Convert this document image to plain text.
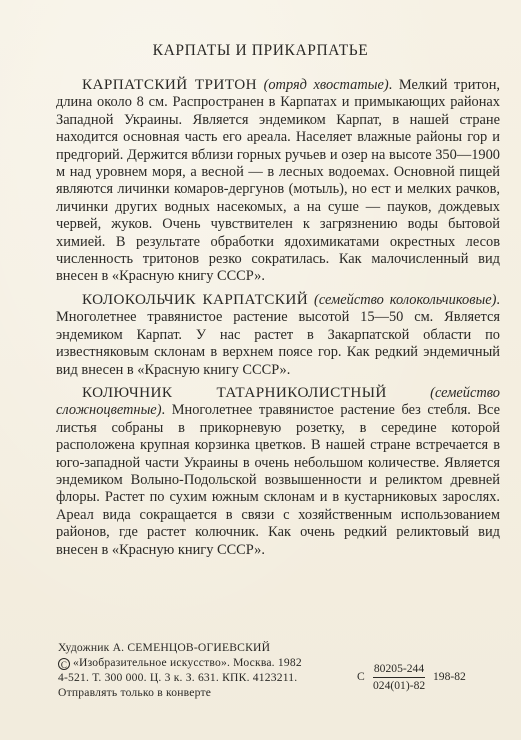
КАРПАТЫ И ПРИКАРПАТЬЕ

КАРПАТСКИЙ ТРИТОН (отряд хвостатые). Мелкий тритон, длина около 8 см. Распространен в Карпатах и примыкающих районах Западной Украины. Является эндемиком Карпат, в нашей стране находится основная часть его ареала. Населяет влажные районы гор и предгорий. Держится вблизи горных ручьев и озер на высоте 350—1900 м над уровнем моря, а весной — в лесных водоемах. Основной пищей являются личинки комаров-дергунов (мотыль), но ест и мелких рачков, личинки других водных насекомых, а на суше — пауков, дождевых червей, жуков. Очень чувствителен к загрязнению воды бытовой химией. В результате обработки ядохимикатами окрестных лесов численность тритонов резко сократилась. Как малочисленный вид внесен в «Красную книгу СССР».

КОЛОКОЛЬЧИК КАРПАТСКИЙ (семейство колокольчиковые). Многолетнее травянистое растение высотой 15—50 см. Является эндемиком Карпат. У нас растет в Закарпатской области по известняковым склонам в верхнем поясе гор. Как редкий эндемичный вид внесен в «Красную книгу СССР».

КОЛЮЧНИК ТАТАРНИКОЛИСТНЫЙ	(семейство сложноцветные). Многолетнее травянистое растение без стебля. Все листья собраны в прикорневую розетку, в середине которой расположена крупная корзинка цветков. В нашей стране встречается в юго-западной части Украины в очень небольшом количестве. Является эндемиком Волыно-Подольской возвышенности и реликтом древней флоры. Растет по сухим южным склонам и в кустарниковых зарослях. Ареал вида сокращается в связи с хозяйственным использованием районов, где растет колючник. Как очень редкий реликтовый вид внесен в «Красную книгу СССР».

Художник А. СЕМЕНЦОВ-ОГИЕВСКИЙ
C «Изобразительное искусство». Москва. 1982
4-521. Т. 300 000. Ц. 3 к. З. 631. КПК. 4123211.
Отправлять только в конверте
С $\frac{80205-244}{024(01)-82} 198-82$
